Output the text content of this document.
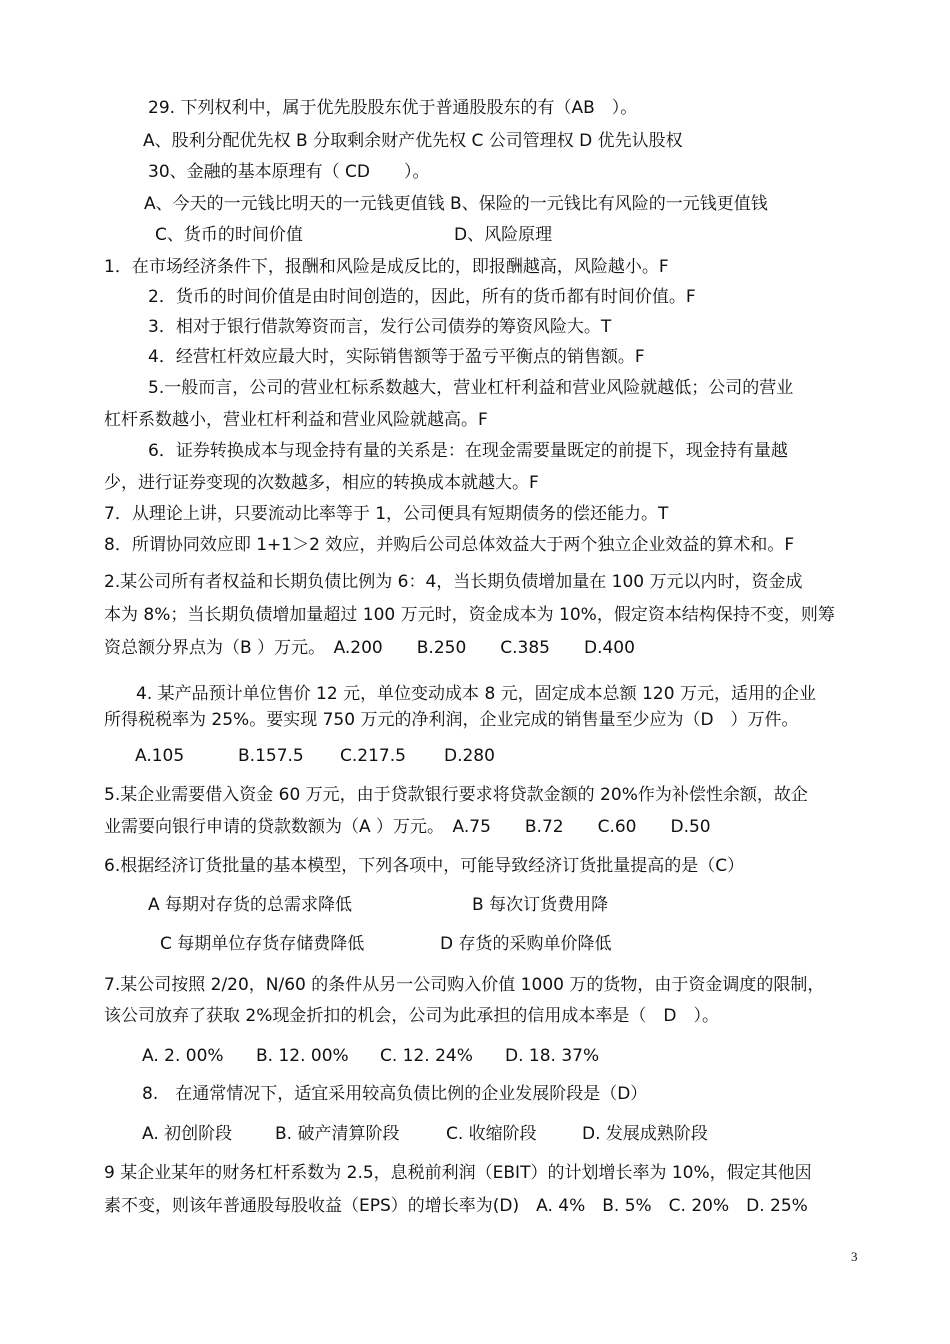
29. 下列权利中，属于优先股股东优于普通股股东的有（AB　）。
A、股利分配优先权 B 分取剩余财产优先权 C 公司管理权 D 优先认股权
30、金融的基本原理有（ CD　　）。
A、今天的一元钱比明天的一元钱更值钱 B、保险的一元钱比有风险的一元钱更值钱
C、货币的时间价值	D、风险原理
1．在市场经济条件下，报酬和风险是成反比的，即报酬越高，风险越小。F
2．货币的时间价值是由时间创造的，因此，所有的货币都有时间价值。F
3．相对于银行借款筹资而言，发行公司债券的筹资风险大。T
4．经营杠杆效应最大时，实际销售额等于盈亏平衡点的销售额。F
5.一般而言，公司的营业杠标系数越大，营业杠杆利益和营业风险就越低；公司的营业
杠杆系数越小，营业杠杆利益和营业风险就越高。F
6．证券转换成本与现金持有量的关系是：在现金需要量既定的前提下，现金持有量越
少，进行证券变现的次数越多，相应的转换成本就越大。F
7．从理论上讲，只要流动比率等于 1，公司便具有短期债务的偿还能力。T
8．所谓协同效应即 1+1＞2 效应，并购后公司总体效益大于两个独立企业效益的算术和。F
2.某公司所有者权益和长期负债比例为 6：4，当长期负债增加量在 100 万元以内时，资金成
本为 8%；当长期负债增加量超过 100 万元时，资金成本为 10%，假定资本结构保持不变，则筹
资总额分界点为（B ）万元。　A.200　　B.250　　C.385　　D.400
4. 某产品预计单位售价 12 元，单位变动成本 8 元，固定成本总额 120 万元，适用的企业
所得税税率为 25%。要实现 750 万元的净利润，企业完成的销售量至少应为（D　）万件。
A.105	B.157.5 C.217.5 D.280
5.某企业需要借入资金 60 万元，由于贷款银行要求将贷款金额的 20%作为补偿性余额，故企
业需要向银行申请的贷款数额为（A ）万元。　A.75　　B.72　　C.60　　D.50
6.根据经济订货批量的基本模型，下列各项中，可能导致经济订货批量提高的是（C）
A 每期对存货的总需求降低	B 每次订货费用降
C 每期单位存货存储费降低	D 存货的采购单价降低
7.某公司按照 2/20，N/60 的条件从另一公司购入价值 1000 万的货物，由于资金调度的限制，
该公司放弃了获取 2%现金折扣的机会，公司为此承担的信用成本率是（　D　）。
A. 2. 00% B. 12. 00% C. 12. 24% D. 18. 37%
8.　在通常情况下，适宜采用较高负债比例的企业发展阶段是（D）
A. 初创阶段	B. 破产清算阶段	C. 收缩阶段	D. 发展成熟阶段
9 某企业某年的财务杠杆系数为 2.5，息税前利润（EBIT）的计划增长率为 10%，假定其他因
素不变，则该年普通股每股收益（EPS）的增长率为(D)　A. 4%　B. 5%　C. 20%　D. 25%
3
